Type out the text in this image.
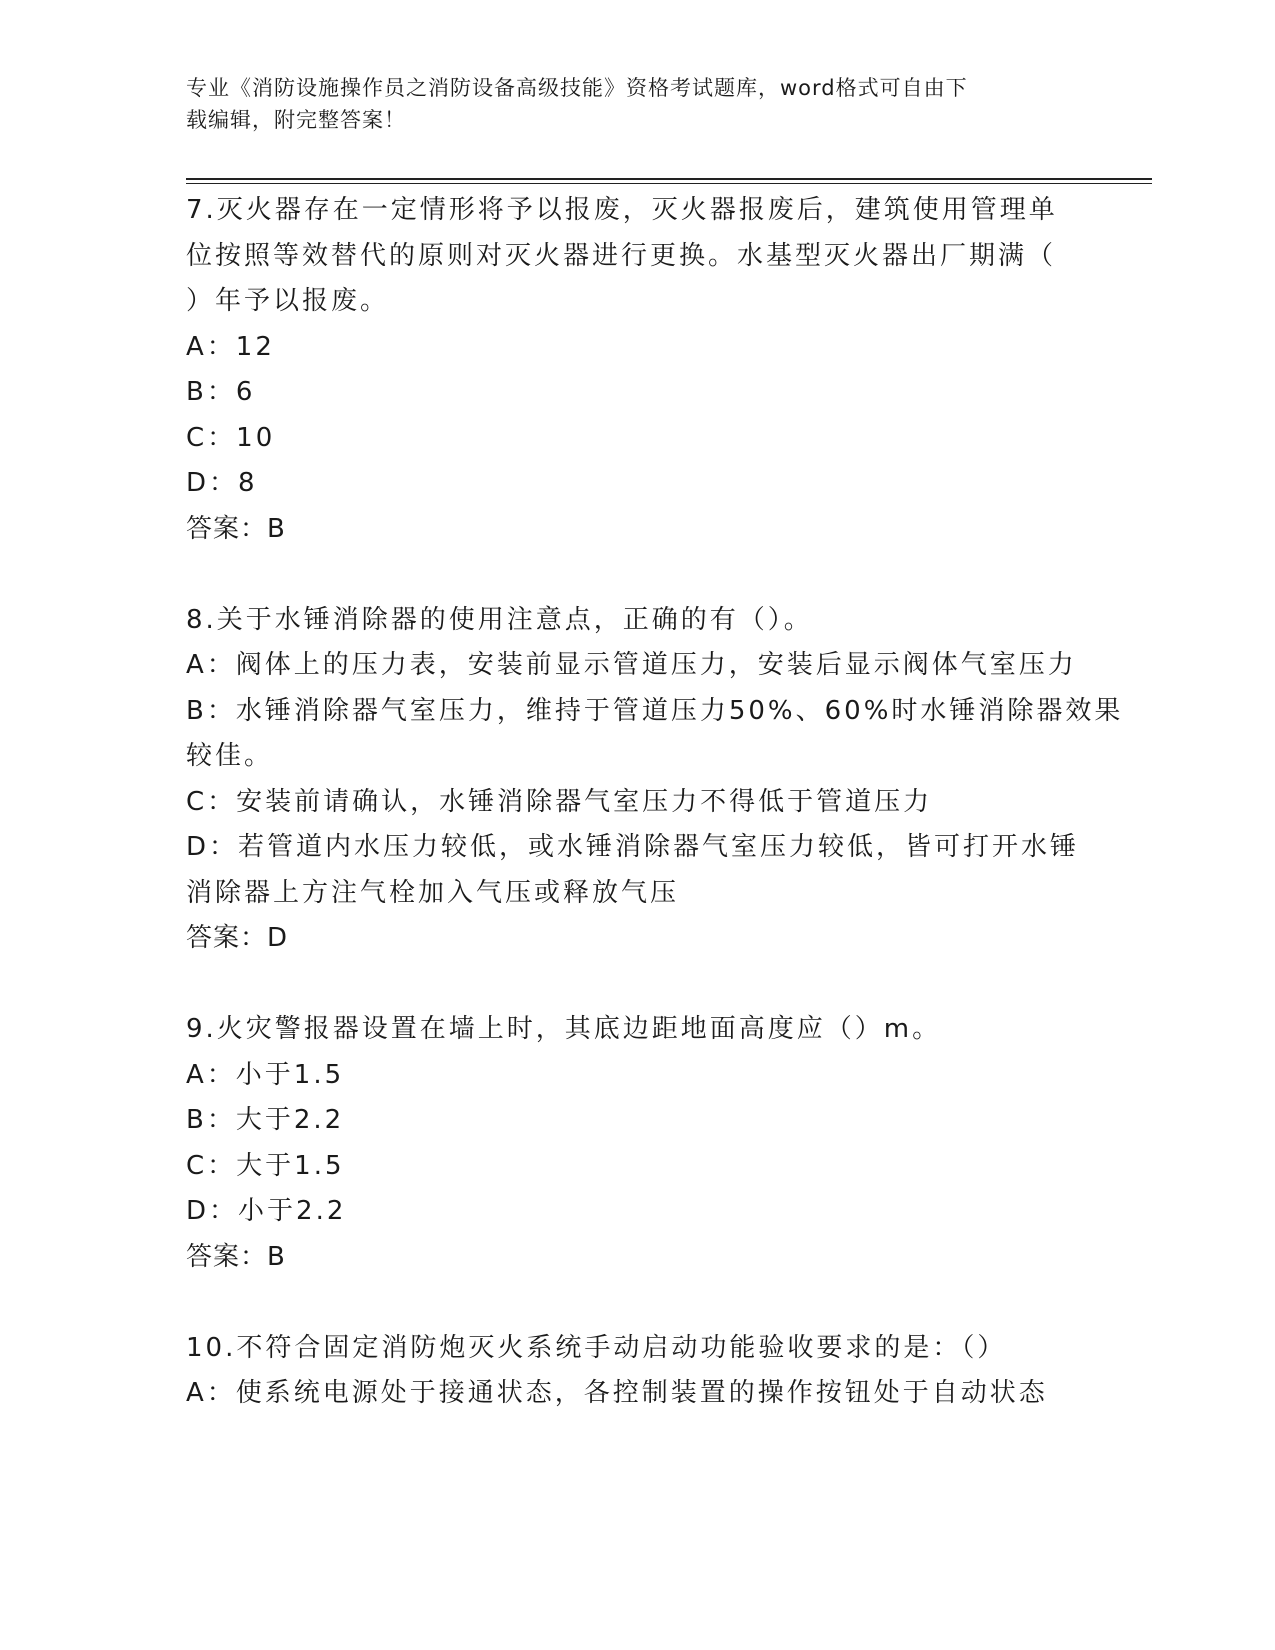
专业《消防设施操作员之消防设备高级技能》资格考试题库，word格式可自由下
载编辑，附完整答案！
7.灭火器存在一定情形将予以报废，灭火器报废后，建筑使用管理单
位按照等效替代的原则对灭火器进行更换。水基型灭火器出厂期满（
）年予以报废。
A：12
B：6
C：10
D：8
答案：B
8.关于水锤消除器的使用注意点，正确的有（）。
A：阀体上的压力表，安装前显示管道压力，安装后显示阀体气室压力
B：水锤消除器气室压力，维持于管道压力50%、60%时水锤消除器效果
较佳。
C：安装前请确认，水锤消除器气室压力不得低于管道压力
D：若管道内水压力较低，或水锤消除器气室压力较低，皆可打开水锤
消除器上方注气栓加入气压或释放气压
答案：D
9.火灾警报器设置在墙上时，其底边距地面高度应（）m。
A：小于1.5
B：大于2.2
C：大于1.5
D：小于2.2
答案：B
10.不符合固定消防炮灭火系统手动启动功能验收要求的是：（）
A：使系统电源处于接通状态，各控制装置的操作按钮处于自动状态
